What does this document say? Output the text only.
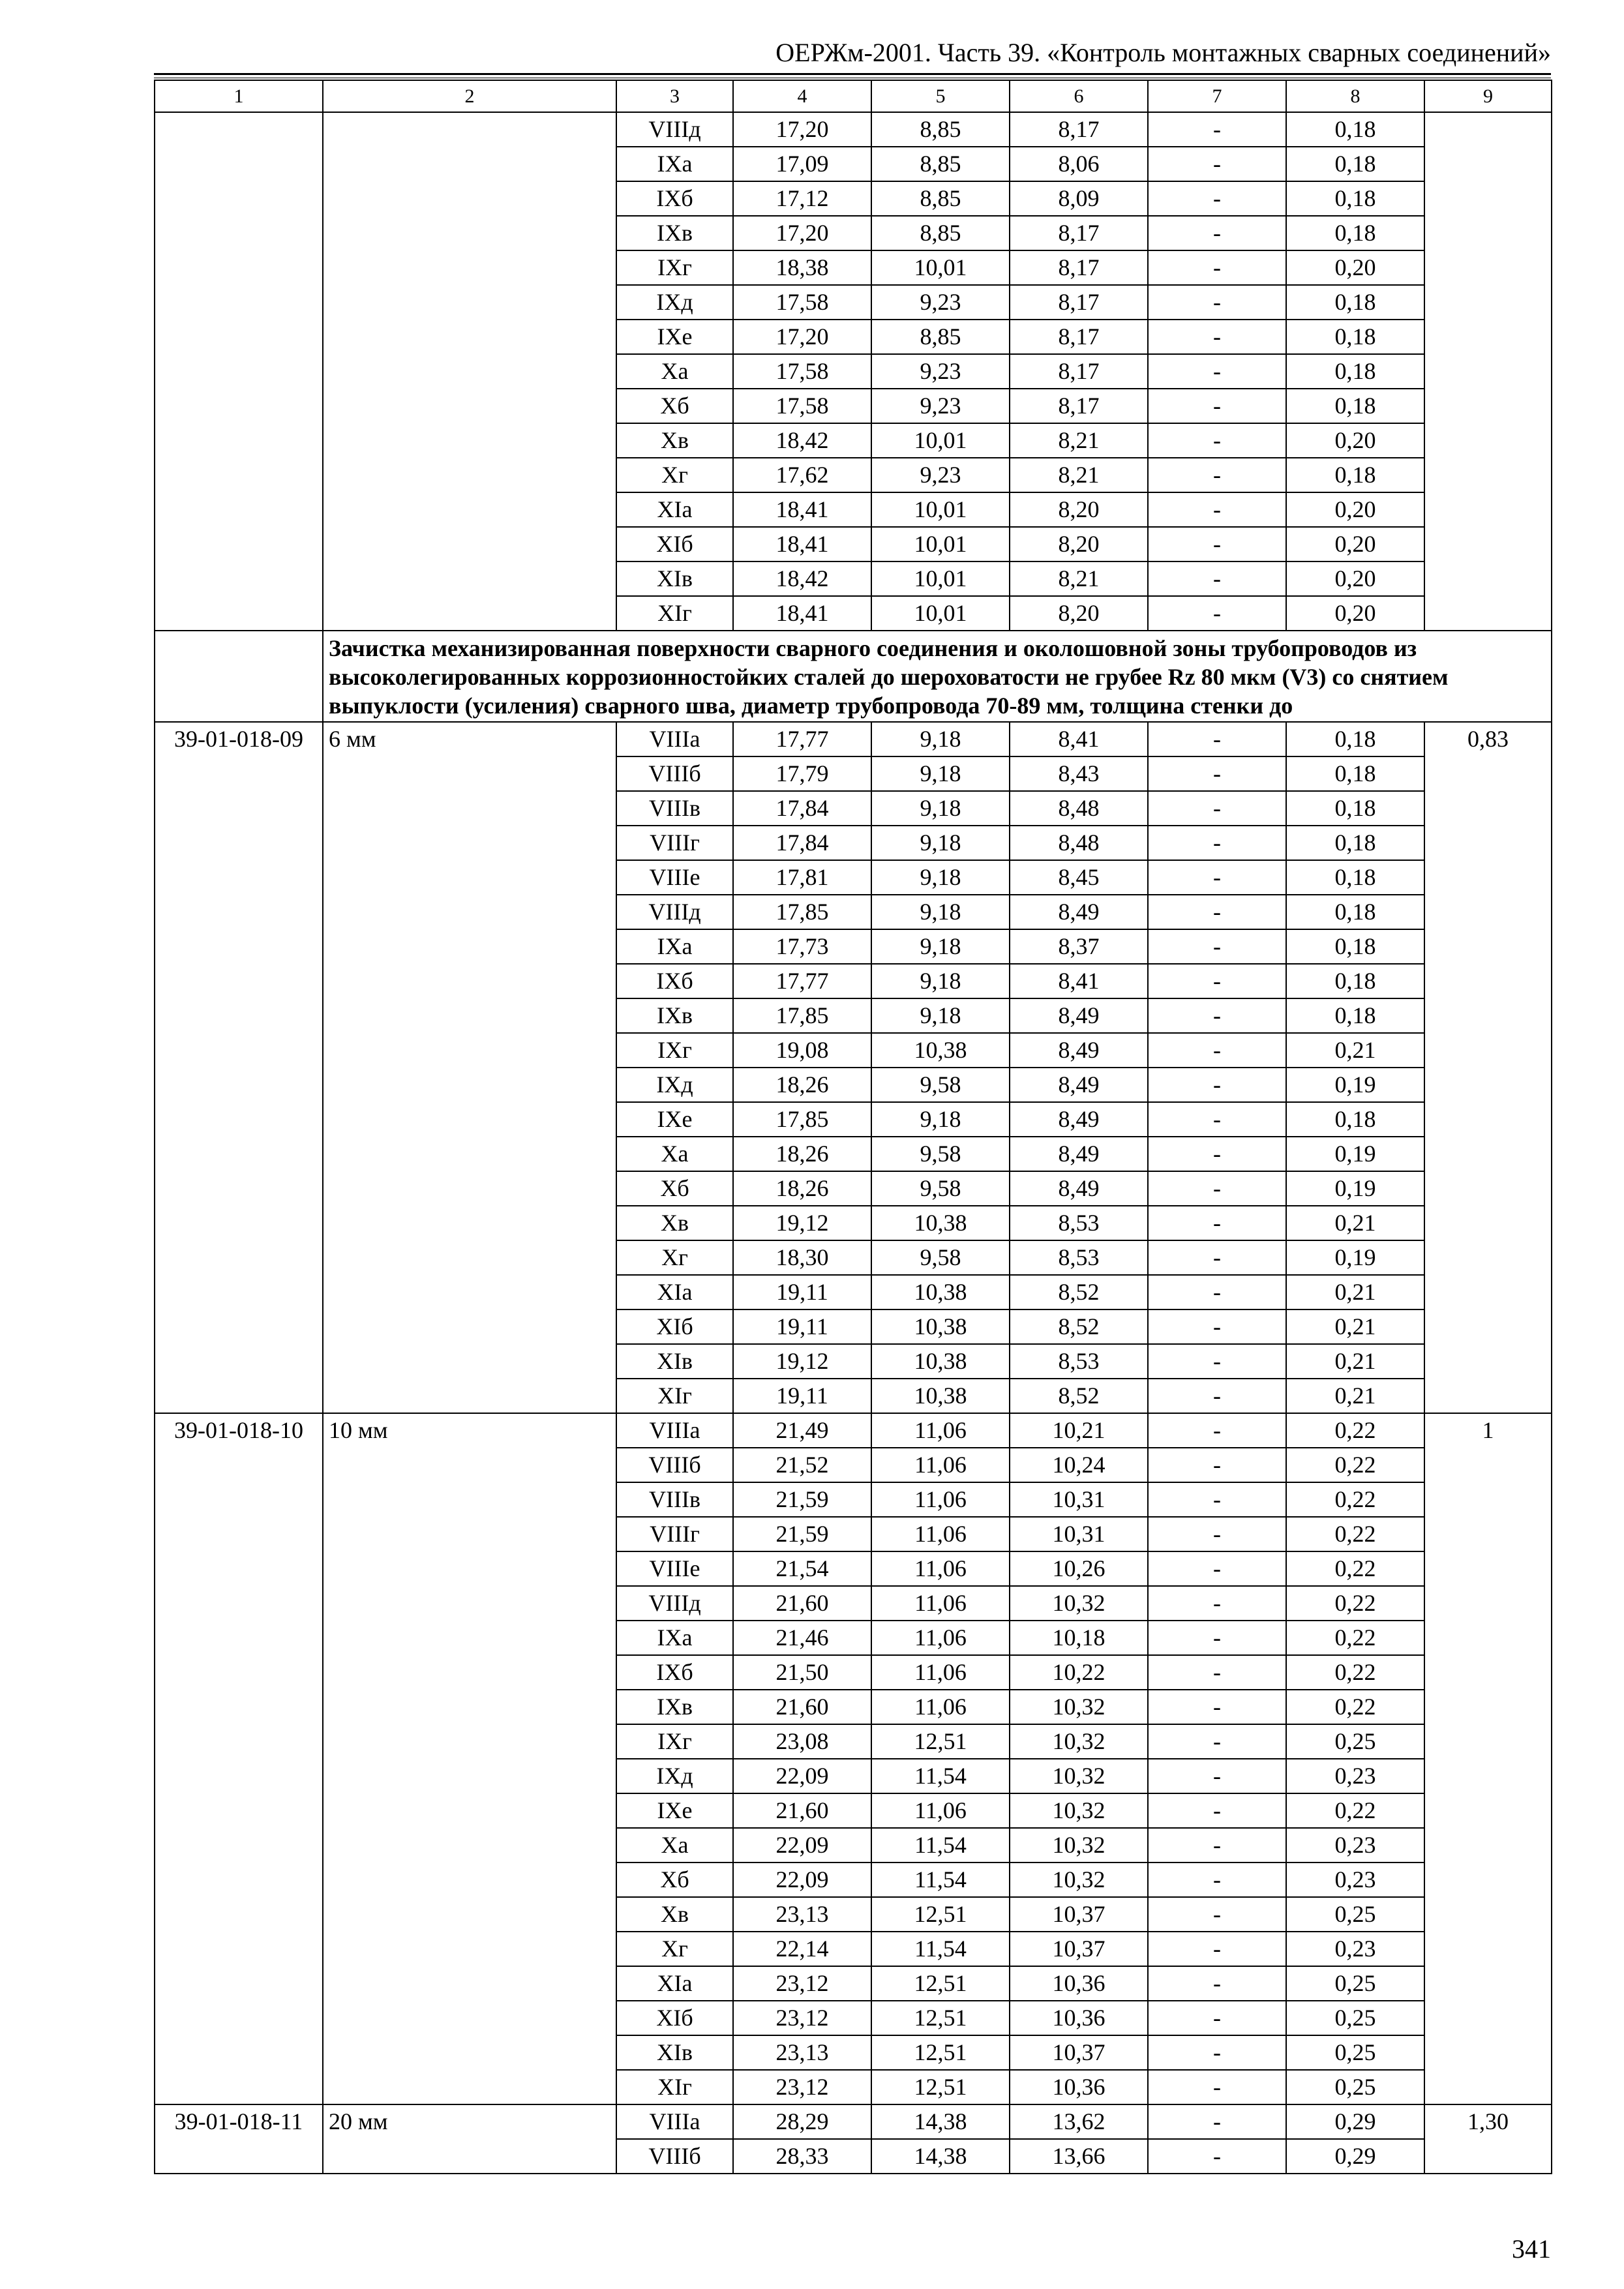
ОЕРЖм-2001. Часть 39. «Контроль монтажных сварных соединений»
1	2	3	4	5	6	7	8	9
		VIIIд	17,20	8,85	8,17	-	0,18	
		IXа	17,09	8,85	8,06	-	0,18	
		IXб	17,12	8,85	8,09	-	0,18	
		IXв	17,20	8,85	8,17	-	0,18	
		IXг	18,38	10,01	8,17	-	0,20	
		IXд	17,58	9,23	8,17	-	0,18	
		IXе	17,20	8,85	8,17	-	0,18	
		Xа	17,58	9,23	8,17	-	0,18	
		Xб	17,58	9,23	8,17	-	0,18	
		Xв	18,42	10,01	8,21	-	0,20	
		Xг	17,62	9,23	8,21	-	0,18	
		XIа	18,41	10,01	8,20	-	0,20	
		XIб	18,41	10,01	8,20	-	0,20	
		XIв	18,42	10,01	8,21	-	0,20	
		XIг	18,41	10,01	8,20	-	0,20	
	Зачистка механизированная поверхности сварного соединения и околошовной зоны трубопроводов из высоколегированных коррозионностойких сталей до шероховатости не грубее Rz 80 мкм (V3) со снятием выпуклости (усиления) сварного шва, диаметр трубопровода 70-89 мм, толщина стенки до							
39-01-018-09	6 мм	VIIIа	17,77	9,18	8,41	-	0,18	0,83
		VIIIб	17,79	9,18	8,43	-	0,18	
		VIIIв	17,84	9,18	8,48	-	0,18	
		VIIIг	17,84	9,18	8,48	-	0,18	
		VIIIе	17,81	9,18	8,45	-	0,18	
		VIIIд	17,85	9,18	8,49	-	0,18	
		IXа	17,73	9,18	8,37	-	0,18	
		IXб	17,77	9,18	8,41	-	0,18	
		IXв	17,85	9,18	8,49	-	0,18	
		IXг	19,08	10,38	8,49	-	0,21	
		IXд	18,26	9,58	8,49	-	0,19	
		IXе	17,85	9,18	8,49	-	0,18	
		Xа	18,26	9,58	8,49	-	0,19	
		Xб	18,26	9,58	8,49	-	0,19	
		Xв	19,12	10,38	8,53	-	0,21	
		Xг	18,30	9,58	8,53	-	0,19	
		XIа	19,11	10,38	8,52	-	0,21	
		XIб	19,11	10,38	8,52	-	0,21	
		XIв	19,12	10,38	8,53	-	0,21	
		XIг	19,11	10,38	8,52	-	0,21	
39-01-018-10	10 мм	VIIIа	21,49	11,06	10,21	-	0,22	1
		VIIIб	21,52	11,06	10,24	-	0,22	
		VIIIв	21,59	11,06	10,31	-	0,22	
		VIIIг	21,59	11,06	10,31	-	0,22	
		VIIIе	21,54	11,06	10,26	-	0,22	
		VIIIд	21,60	11,06	10,32	-	0,22	
		IXа	21,46	11,06	10,18	-	0,22	
		IXб	21,50	11,06	10,22	-	0,22	
		IXв	21,60	11,06	10,32	-	0,22	
		IXг	23,08	12,51	10,32	-	0,25	
		IXд	22,09	11,54	10,32	-	0,23	
		IXе	21,60	11,06	10,32	-	0,22	
		Xа	22,09	11,54	10,32	-	0,23	
		Xб	22,09	11,54	10,32	-	0,23	
		Xв	23,13	12,51	10,37	-	0,25	
		Xг	22,14	11,54	10,37	-	0,23	
		XIа	23,12	12,51	10,36	-	0,25	
		XIб	23,12	12,51	10,36	-	0,25	
		XIв	23,13	12,51	10,37	-	0,25	
		XIг	23,12	12,51	10,36	-	0,25	
39-01-018-11	20 мм	VIIIа	28,29	14,38	13,62	-	0,29	1,30
		VIIIб	28,33	14,38	13,66	-	0,29	
341
